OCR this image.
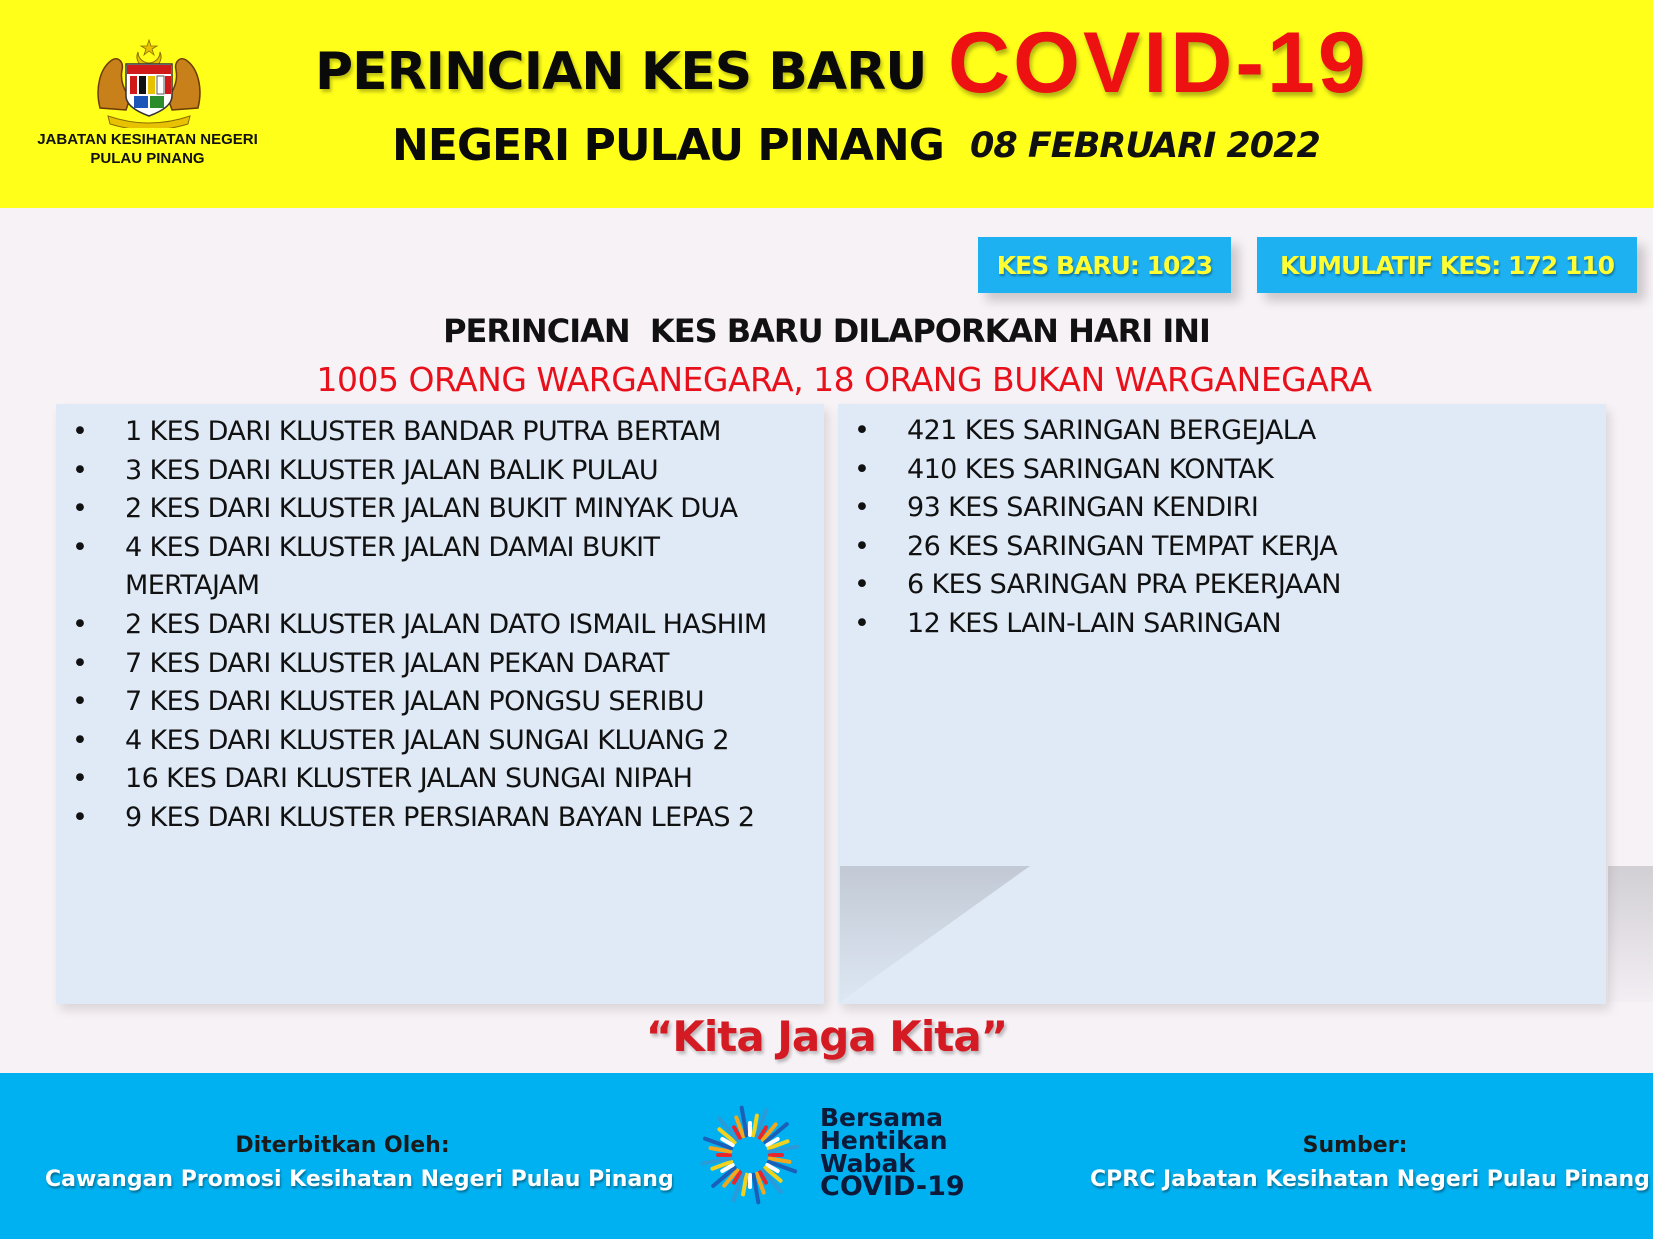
JABATAN KESIHATAN NEGERI
PULAU PINANG
PERINCIAN KES BARU COVID-19
NEGERI PULAU PINANG 08 FEBRUARI 2022
KES BARU: 1023	KUMULATIF KES: 172 110
PERINCIAN  KES BARU DILAPORKAN HARI INI
1005 ORANG WARGANEGARA, 18 ORANG BUKAN WARGANEGARA
• 1 KES DARI KLUSTER BANDAR PUTRA BERTAM
• 3 KES DARI KLUSTER JALAN BALIK PULAU
• 2 KES DARI KLUSTER JALAN BUKIT MINYAK DUA
• 4 KES DARI KLUSTER JALAN DAMAI BUKIT MERTAJAM
• 2 KES DARI KLUSTER JALAN DATO ISMAIL HASHIM
• 7 KES DARI KLUSTER JALAN PEKAN DARAT
• 7 KES DARI KLUSTER JALAN PONGSU SERIBU
• 4 KES DARI KLUSTER JALAN SUNGAI KLUANG 2
• 16 KES DARI KLUSTER JALAN SUNGAI NIPAH
• 9 KES DARI KLUSTER PERSIARAN BAYAN LEPAS 2
• 421 KES SARINGAN BERGEJALA
• 410 KES SARINGAN KONTAK
• 93 KES SARINGAN KENDIRI
• 26 KES SARINGAN TEMPAT KERJA
• 6 KES SARINGAN PRA PEKERJAAN
• 12 KES LAIN-LAIN SARINGAN
“Kita Jaga Kita”
Diterbitkan Oleh:
Cawangan Promosi Kesihatan Negeri Pulau Pinang
Sumber:
CPRC Jabatan Kesihatan Negeri Pulau Pinang
Bersama
Hentikan
Wabak
COVID-19
